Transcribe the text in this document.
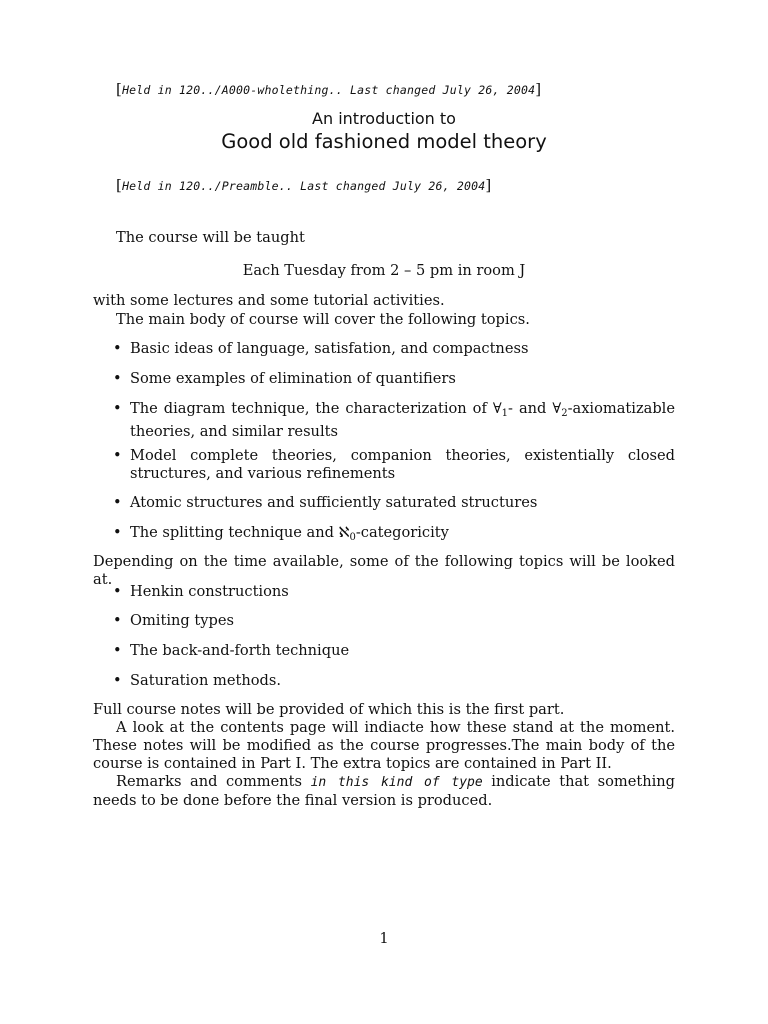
[Held in 120../A000-wholething.. Last changed July 26, 2004]
An introduction to
Good old fashioned model theory
[Held in 120../Preamble.. Last changed July 26, 2004]
The course will be taught
Each Tuesday from 2 – 5 pm in room J
with some lectures and some tutorial activities.
The main body of course will cover the following topics.
• Basic ideas of language, satisfation, and compactness
• Some examples of elimination of quantifiers
• The diagram technique, the characterization of $\forall_1-$ and $\forall_2$-axiomatizable theories, and similar results
• Model complete theories, companion theories, existentially closed structures, and various refinements
• Atomic structures and sufficiently saturated structures
• The splitting technique and ℵ$_0$-categoricity
Depending on the time available, some of the following topics will be looked at.
• Henkin constructions
• Omiting types
• The back-and-forth technique
• Saturation methods.
Full course notes will be provided of which this is the first part.
A look at the contents page will indiacte how these stand at the moment. These notes will be modified as the course progresses.The main body of the course is contained in Part I. The extra topics are contained in Part II.
Remarks and comments in this kind of type indicate that something needs to be done before the final version is produced.
1
